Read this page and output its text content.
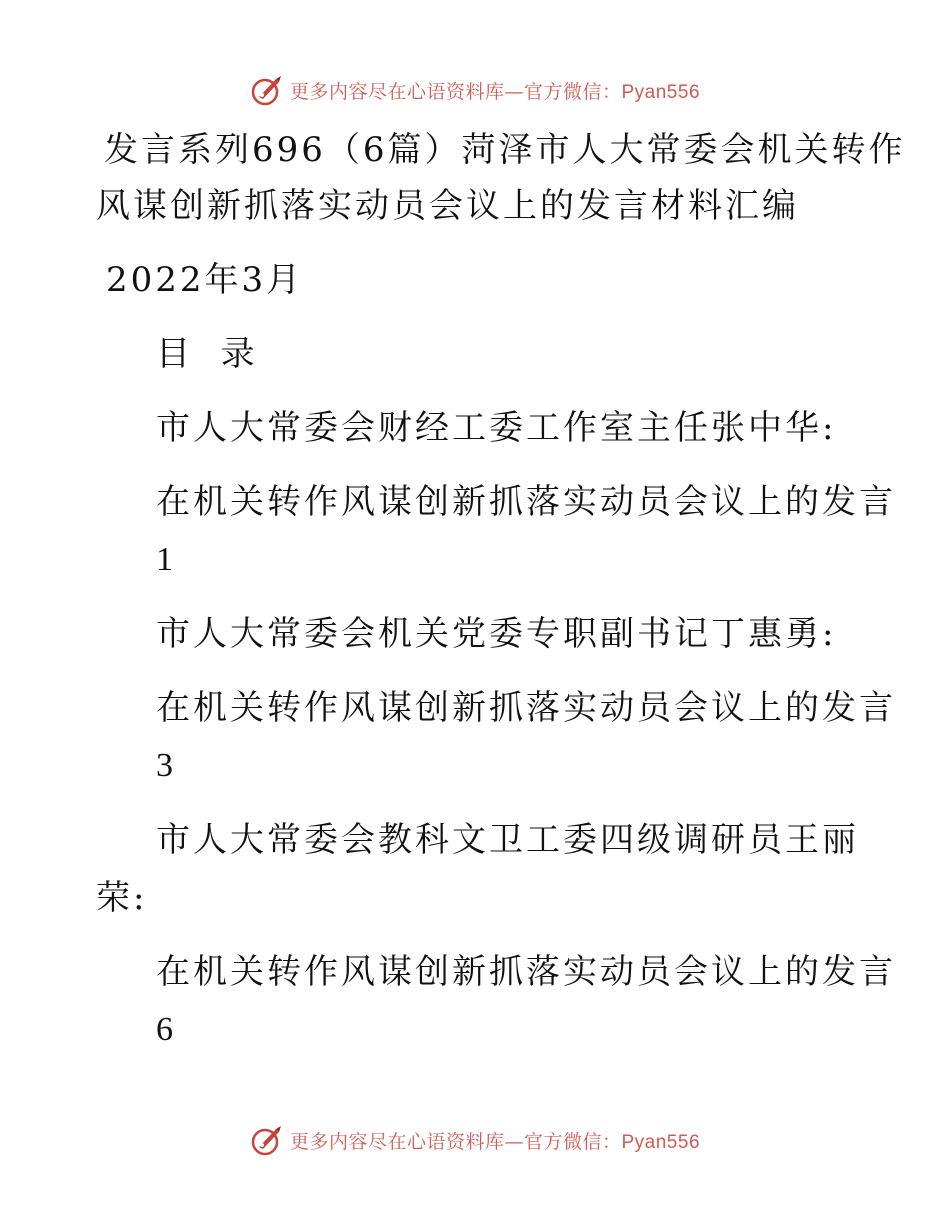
更多内容尽在心语资料库—官方微信：Pyan556
发言系列696（6篇）菏泽市人大常委会机关转作
风谋创新抓落实动员会议上的发言材料汇编
2022年3月
目  录
市人大常委会财经工委工作室主任张中华:
在机关转作风谋创新抓落实动员会议上的发言
1
市人大常委会机关党委专职副书记丁惠勇:
在机关转作风谋创新抓落实动员会议上的发言
3
市人大常委会教科文卫工委四级调研员王丽
荣:
在机关转作风谋创新抓落实动员会议上的发言
6
更多内容尽在心语资料库—官方微信：Pyan556
